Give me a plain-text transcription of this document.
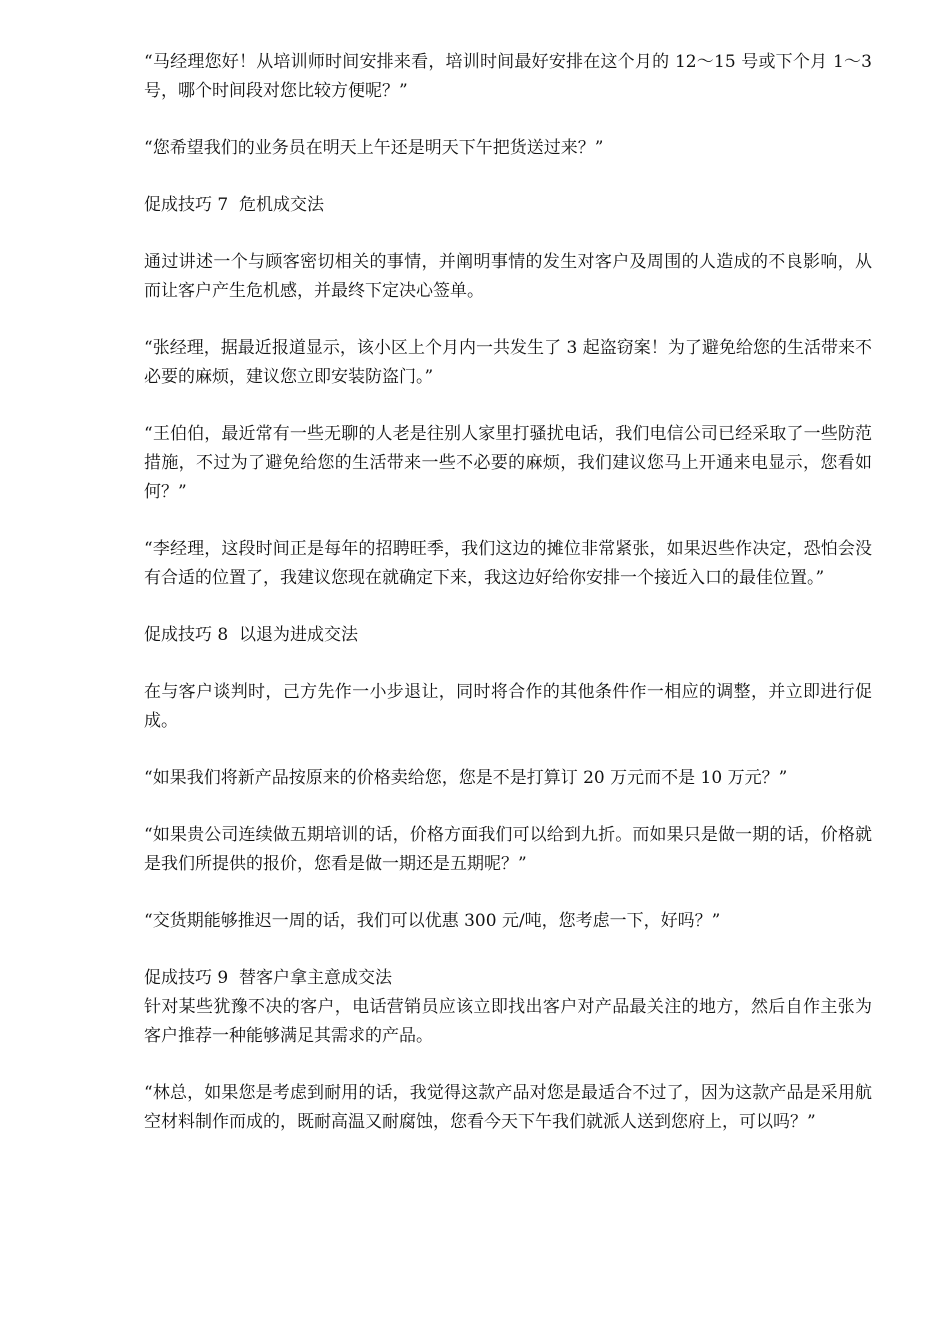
“马经理您好！从培训师时间安排来看，培训时间最好安排在这个月的 12～15 号或下个月 1～3 号，哪个时间段对您比较方便呢？”

“您希望我们的业务员在明天上午还是明天下午把货送过来？”

促成技巧 7  危机成交法

通过讲述一个与顾客密切相关的事情，并阐明事情的发生对客户及周围的人造成的不良影响，从而让客户产生危机感，并最终下定决心签单。

“张经理，据最近报道显示，该小区上个月内一共发生了 3 起盗窃案！为了避免给您的生活带来不必要的麻烦，建议您立即安装防盗门。”

“王伯伯，最近常有一些无聊的人老是往别人家里打骚扰电话，我们电信公司已经采取了一些防范措施，不过为了避免给您的生活带来一些不必要的麻烦，我们建议您马上开通来电显示，您看如何？”

“李经理，这段时间正是每年的招聘旺季，我们这边的摊位非常紧张，如果迟些作决定，恐怕会没有合适的位置了，我建议您现在就确定下来，我这边好给你安排一个接近入口的最佳位置。”

促成技巧 8  以退为进成交法

在与客户谈判时，己方先作一小步退让，同时将合作的其他条件作一相应的调整，并立即进行促成。

“如果我们将新产品按原来的价格卖给您，您是不是打算订 20 万元而不是 10 万元？”

“如果贵公司连续做五期培训的话，价格方面我们可以给到九折。而如果只是做一期的话，价格就是我们所提供的报价，您看是做一期还是五期呢？”

“交货期能够推迟一周的话，我们可以优惠 300 元/吨，您考虑一下，好吗？”

促成技巧 9  替客户拿主意成交法

针对某些犹豫不决的客户，电话营销员应该立即找出客户对产品最关注的地方，然后自作主张为客户推荐一种能够满足其需求的产品。

“林总，如果您是考虑到耐用的话，我觉得这款产品对您是最适合不过了，因为这款产品是采用航空材料制作而成的，既耐高温又耐腐蚀，您看今天下午我们就派人送到您府上，可以吗？”
